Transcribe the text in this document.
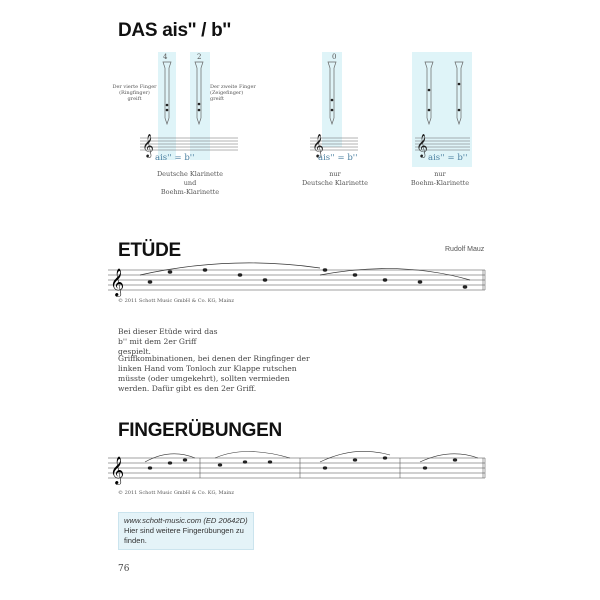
DAS ais'' / b''
𝄞	𝄞	𝄞
𝄞
𝄞
4	2	0
Der vierte Finger (Ringfinger) greift
Der zweite Finger (Zeigefinger) greift
ais'' = b''	ais'' = b''	ais'' = b''
Deutsche Klarinette
und
Boehm-Klarinette
nur
Deutsche Klarinette
nur
Boehm-Klarinette
ETÜDE	Rudolf Mauz
© 2011 Schott Music GmbH & Co. KG, Mainz
Bei dieser Etüde wird das b'' mit dem 2er Griff gespielt.
Griffkombinationen, bei denen der Ringfinger der linken Hand vom Tonloch zur Klappe rutschen müsste (oder umgekehrt), sollten vermieden werden. Dafür gibt es den 2er Griff.
FINGERÜBUNGEN
© 2011 Schott Music GmbH & Co. KG, Mainz
www.schott-music.com (ED 20642D)
Hier sind weitere Fingerübungen zu finden.
76
